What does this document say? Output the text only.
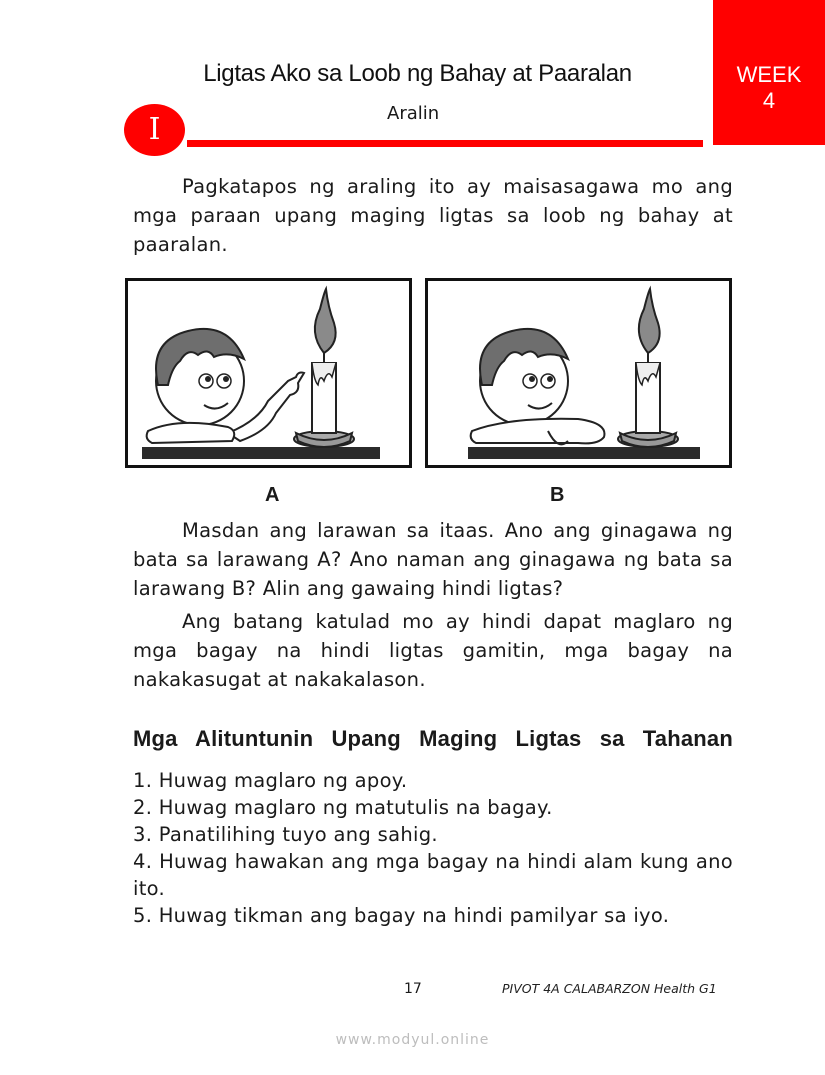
WEEK
4
Ligtas Ako sa Loob ng Bahay at Paaralan
I	Aralin

Pagkatapos ng araling ito ay maisasagawa mo ang mga paraan upang maging ligtas sa loob ng bahay at paaralan.

A	B

Masdan ang larawan sa itaas. Ano ang ginagawa ng bata sa larawang A? Ano naman ang ginagawa ng bata sa larawang B? Alin ang gawaing hindi ligtas?

Ang batang katulad mo ay hindi dapat maglaro ng mga bagay na hindi ligtas gamitin, mga bagay na nakakasugat at nakakalason.

Mga Alituntunin Upang Maging Ligtas sa Tahanan
1. Huwag maglaro ng apoy.
2. Huwag maglaro ng matutulis na bagay.
3. Panatilihing tuyo ang sahig.
4. Huwag hawakan ang mga bagay na hindi alam kung ano ito.
5. Huwag tikman ang bagay na hindi pamilyar sa iyo.
17	PIVOT 4A CALABARZON Health G1
www.modyul.online
